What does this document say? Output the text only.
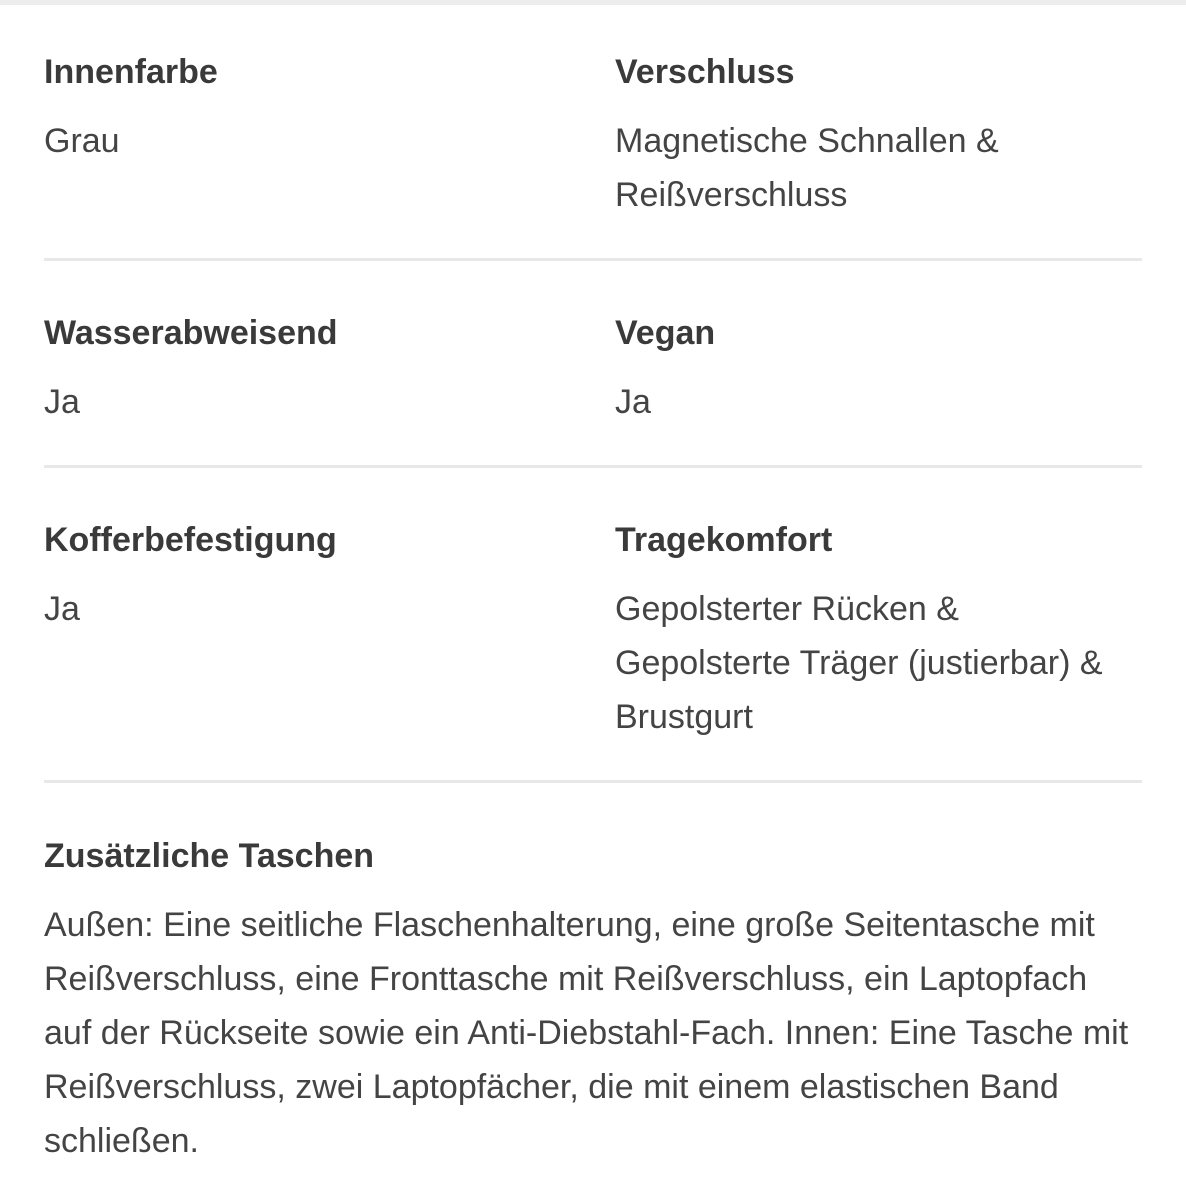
Innenfarbe
Grau
Verschluss
Magnetische Schnallen & Reißverschluss
Wasserabweisend
Ja
Vegan
Ja
Kofferbefestigung
Ja
Tragekomfort
Gepolsterter Rücken & Gepolsterte Träger (justierbar) & Brustgurt
Zusätzliche Taschen
Außen: Eine seitliche Flaschenhalterung, eine große Seitentasche mit Reißverschluss, eine Fronttasche mit Reißverschluss, ein Laptopfach auf der Rückseite sowie ein Anti-Diebstahl-Fach. Innen: Eine Tasche mit Reißverschluss, zwei Laptopfächer, die mit einem elastischen Band schließen.
